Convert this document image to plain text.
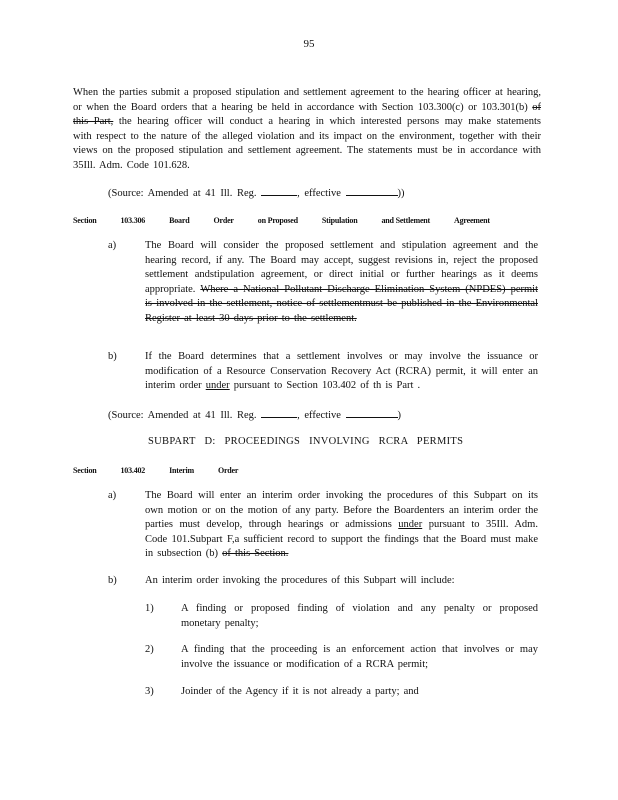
95
When the parties submit a proposed stipulation and settlement agreement to the hearing officer at hearing, or when the Board orders that a hearing be held in accordance with Section 103.300(c) or 103.301(b) of this Part, the hearing officer will conduct a hearing in which interested persons may make statements with respect to the nature of the alleged violation and its impact on the environment, together with their views on the proposed stipulation and settlement agreement. The statements must be in accordance with 35Ill. Adm. Code 101.628.
(Source: Amended at 41 Ill. Reg.	, effective	))
Section	103.306	Board	Order	on Proposed	Stipulation	and Settlement	Agreement
a)	The Board will consider the proposed settlement and stipulation agreement and the hearing record, if any. The Board may accept, suggest revisions in, reject the proposed settlement andstipulation agreement, or direct initial or further hearings as it deems appropriate. Where a National Pollutant Discharge Elimination System (NPDES) permit is involved in the settlement, notice of settlementmust be published in the Environmental Register at least 30 days prior to the settlement.
b)	If the Board determines that a settlement involves or may involve the issuance or modification of a Resource Conservation Recovery Act (RCRA) permit, it will enter an interim order under pursuant to Section 103.402 of th is Part .
(Source: Amended at 41 Ill. Reg.	, effective	)
SUBPART D: PROCEEDINGS INVOLVING RCRA PERMITS
Section	103.402	Interim	Order
a)	The Board will enter an interim order invoking the procedures of this Subpart on its own motion or on the motion of any party. Before the Boardenters an interim order the parties must develop, through hearings or admissions under pursuant to 35Ill. Adm. Code 101.Subpart F,a sufficient record to support the findings that the Board must make in subsection (b) of this Section.
b)	An interim order invoking the procedures of this Subpart will include:
1)	A finding or proposed finding of violation and any penalty or proposed monetary penalty;
2)	A finding that the proceeding is an enforcement action that involves or may involve the issuance or modification of a RCRA permit;
3)	Joinder of the Agency if it is not already a party; and
